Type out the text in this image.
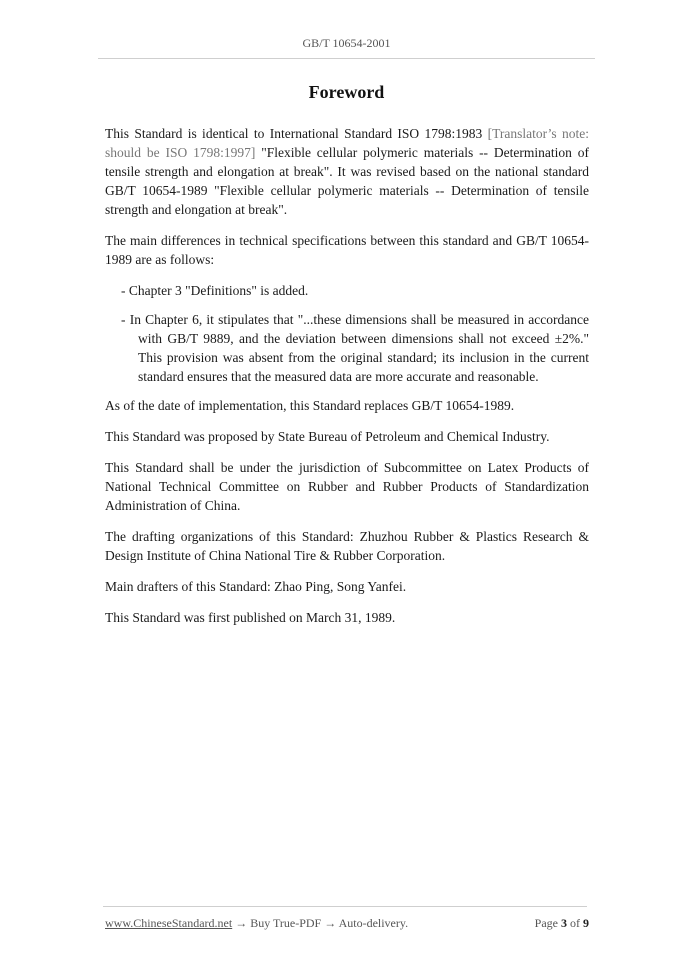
GB/T 10654-2001
Foreword

This Standard is identical to International Standard ISO 1798:1983 [Translator’s note: should be ISO 1798:1997] "Flexible cellular polymeric materials -- Determination of tensile strength and elongation at break". It was revised based on the national standard GB/T 10654-1989 "Flexible cellular polymeric materials -- Determination of tensile strength and elongation at break".

The main differences in technical specifications between this standard and GB/T 10654-1989 are as follows:

- Chapter 3 "Definitions" is added.
- In Chapter 6, it stipulates that "...these dimensions shall be measured in accordance with GB/T 9889, and the deviation between dimensions shall not exceed ±2%." This provision was absent from the original standard; its inclusion in the current standard ensures that the measured data are more accurate and reasonable.

As of the date of implementation, this Standard replaces GB/T 10654-1989.

This Standard was proposed by State Bureau of Petroleum and Chemical Industry.

This Standard shall be under the jurisdiction of Subcommittee on Latex Products of National Technical Committee on Rubber and Rubber Products of Standardization Administration of China.

The drafting organizations of this Standard: Zhuzhou Rubber & Plastics Research & Design Institute of China National Tire & Rubber Corporation.

Main drafters of this Standard: Zhao Ping, Song Yanfei.

This Standard was first published on March 31, 1989.

www.ChineseStandard.net → Buy True-PDF → Auto-delivery.	Page 3 of 9
